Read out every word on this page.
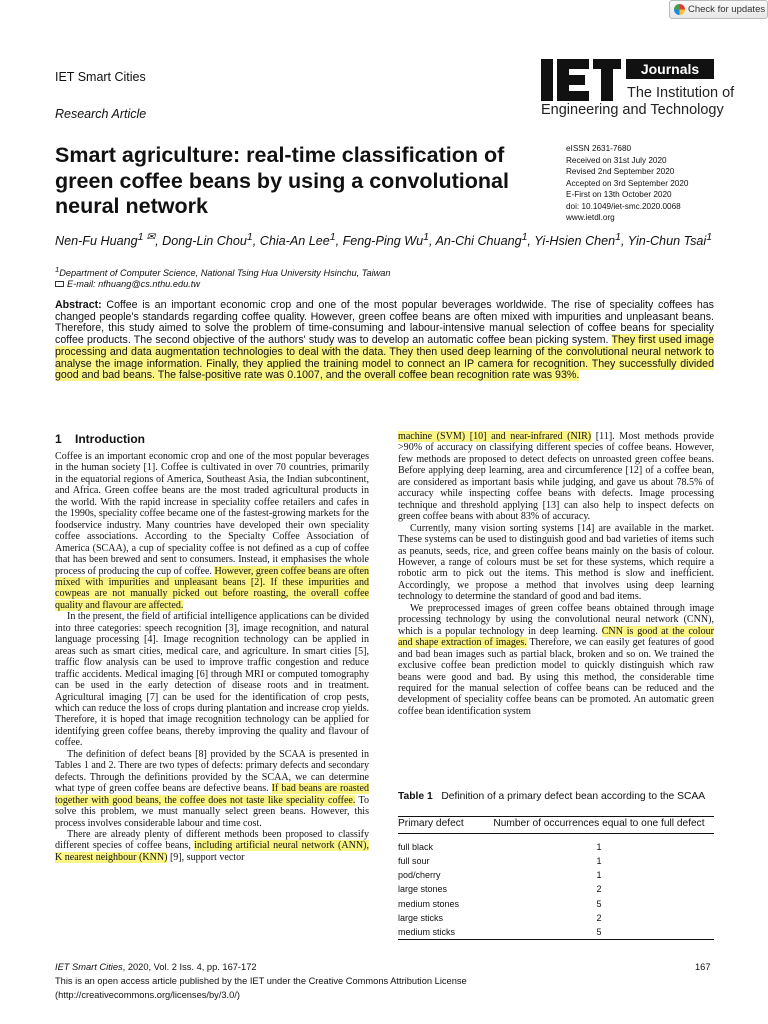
Check for updates
IET Smart Cities
Research Article
Journals
The Institution of
Engineering and Technology
Smart agriculture: real-time classification of green coffee beans by using a convolutional neural network
eISSN 2631-7680
Received on 31st July 2020
Revised 2nd September 2020
Accepted on 3rd September 2020
E-First on 13th October 2020
doi: 10.1049/iet-smc.2020.0068
www.ietdl.org
Nen-Fu Huang$^{1 ✉}$, Dong-Lin Chou$^1$, Chia-An Lee$^1$, Feng-Ping Wu$^1$, An-Chi Chuang$^1$, Yi-Hsien Chen$^1$, Yin-Chun Tsai$^1$
$^1$Department of Computer Science, National Tsing Hua University Hsinchu, Taiwan
E-mail: nfhuang@cs.nthu.edu.tw
Abstract: Coffee is an important economic crop and one of the most popular beverages worldwide. The rise of speciality coffees has changed people's standards regarding coffee quality. However, green coffee beans are often mixed with impurities and unpleasant beans. Therefore, this study aimed to solve the problem of time-consuming and labour-intensive manual selection of coffee beans for speciality coffee products. The second objective of the authors' study was to develop an automatic coffee bean picking system. They first used image processing and data augmentation technologies to deal with the data. They then used deep learning of the convolutional neural network to analyse the image information. Finally, they applied the training model to connect an IP camera for recognition. They successfully divided good and bad beans. The false-positive rate was 0.1007, and the overall coffee bean recognition rate was 93%.
1 Introduction

Coffee is an important economic crop and one of the most popular beverages in the human society [1]. Coffee is cultivated in over 70 countries, primarily in the equatorial regions of America, Southeast Asia, the Indian subcontinent, and Africa. Green coffee beans are the most traded agricultural products in the world. With the rapid increase in speciality coffee retailers and cafes in the 1990s, speciality coffee became one of the fastest-growing markets for the foodservice industry. Many countries have developed their own speciality coffee associations. According to the Specialty Coffee Association of America (SCAA), a cup of speciality coffee is not defined as a cup of coffee that has been brewed and sent to consumers. Instead, it emphasises the whole process of producing the cup of coffee. However, green coffee beans are often mixed with impurities and unpleasant beans [2]. If these impurities and cowpeas are not manually picked out before roasting, the overall coffee quality and flavour are affected.

In the present, the field of artificial intelligence applications can be divided into three categories: speech recognition [3], image recognition, and natural language processing [4]. Image recognition technology can be applied in areas such as smart cities, medical care, and agriculture. In smart cities [5], traffic flow analysis can be used to improve traffic congestion and reduce traffic accidents. Medical imaging [6] through MRI or computed tomography can be used in the early detection of disease roots and in treatment. Agricultural imaging [7] can be used for the identification of crop pests, which can reduce the loss of crops during plantation and increase crop yields. Therefore, it is hoped that image recognition technology can be applied for identifying green coffee beans, thereby improving the quality and flavour of coffee.

The definition of defect beans [8] provided by the SCAA is presented in Tables 1 and 2. There are two types of defects: primary defects and secondary defects. Through the definitions provided by the SCAA, we can determine what type of green coffee beans are defective beans. If bad beans are roasted together with good beans, the coffee does not taste like speciality coffee. To solve this problem, we must manually select green beans. However, this process involves considerable labour and time cost.

There are already plenty of different methods been proposed to classify different species of coffee beans, including artificial neural network (ANN), K nearest neighbour (KNN) [9], support vector

machine (SVM) [10] and near-infrared (NIR) [11]. Most methods provide >90% of accuracy on classifying different species of coffee beans. However, few methods are proposed to detect defects on unroasted green coffee beans. Before applying deep learning, area and circumference [12] of a coffee bean, are considered as important basis while judging, and gave us about 78.5% of accuracy while inspecting coffee beans with defects. Image processing technique and threshold applying [13] can also help to inspect defects on green coffee beans with about 83% of accuracy.

Currently, many vision sorting systems [14] are available in the market. These systems can be used to distinguish good and bad varieties of items such as peanuts, seeds, rice, and green coffee beans mainly on the basis of colour. However, a range of colours must be set for these systems, which require a robotic arm to pick out the items. This method is slow and inefficient. Accordingly, we propose a method that involves using deep learning technology to determine the standard of good and bad items.

We preprocessed images of green coffee beans obtained through image processing technology by using the convolutional neural network (CNN), which is a popular technology in deep learning. CNN is good at the colour and shape extraction of images. Therefore, we can easily get features of good and bad bean images such as partial black, broken and so on. We trained the exclusive coffee bean prediction model to quickly distinguish which raw beans were good and bad. By using this method, the considerable time required for the manual selection of coffee beans can be reduced and the development of speciality coffee beans can be promoted. An automatic green coffee bean identification system

Table 1 Definition of a primary defect bean according to the SCAA
Primary defect	Number of occurrences equal to one full defect
full black	1
full sour	1
pod/cherry	1
large stones	2
medium stones	5
large sticks	2
medium sticks	5
IET Smart Cities, 2020, Vol. 2 Iss. 4, pp. 167-172	167
This is an open access article published by the IET under the Creative Commons Attribution License
(http://creativecommons.org/licenses/by/3.0/)
